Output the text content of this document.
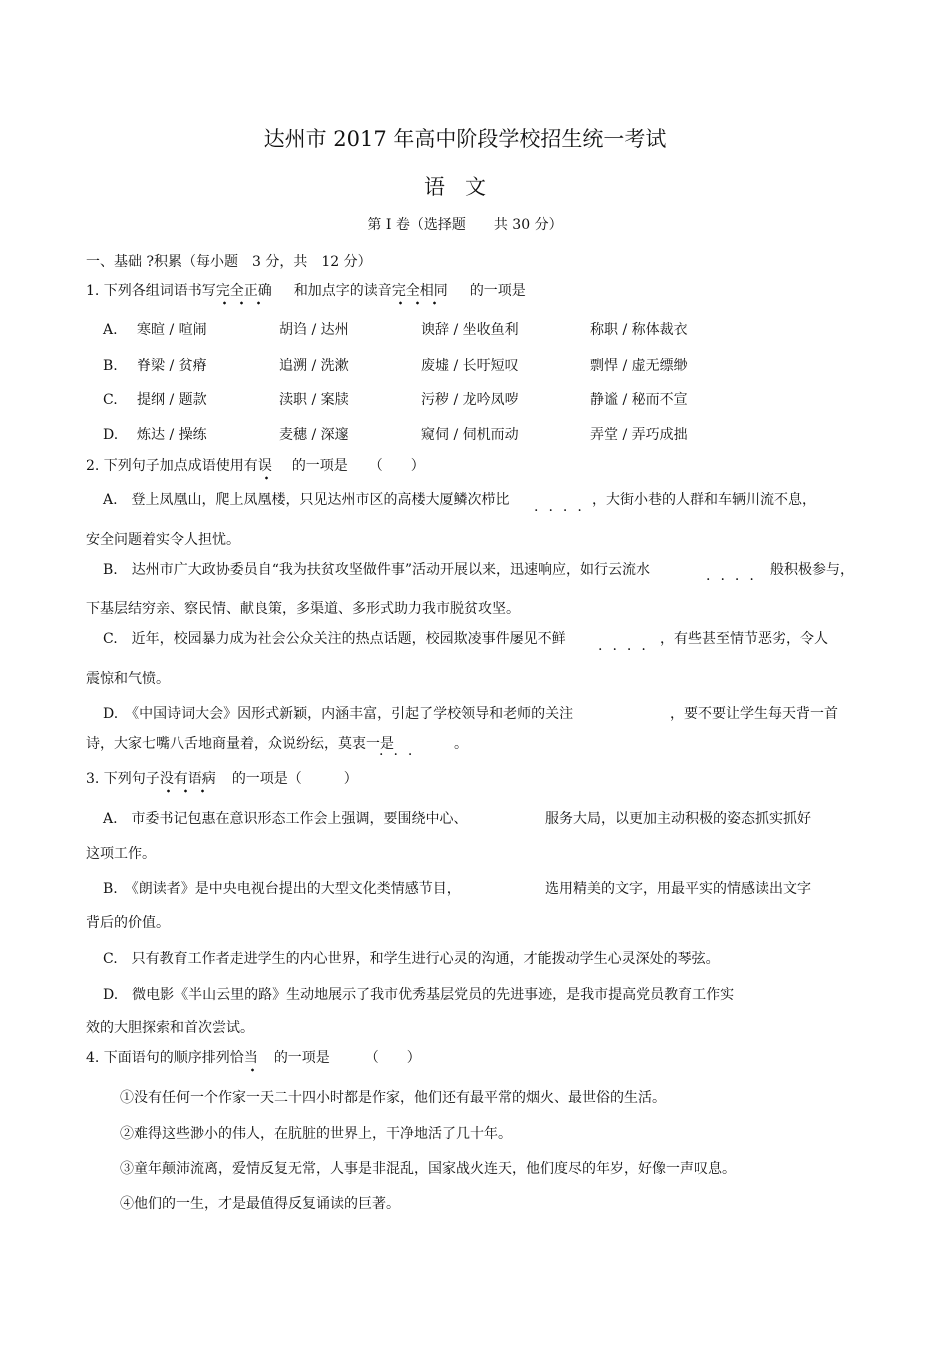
达州市 2017 年高中阶段学校招生统一考试
语文
第 I 卷（选择题　　共 30 分）
一、基础 ?积累（每小题　3 分，共　12 分）
1. 下列各组词语书写完全正确 和加点字的读音完全相同 的一项是
A. 寒暄 / 喧闹	胡诌 / 达州	谀辞 / 坐收鱼利	称职 / 称体裁衣
B. 脊梁 / 贫瘠	追溯 / 洗漱	废墟 / 长吁短叹	剽悍 / 虚无缥缈
C. 提纲 / 题款	渎职 / 案牍	污秽 / 龙吟凤哕	静谧 / 秘而不宣
D. 炼达 / 操练	麦穗 / 深邃	窥伺 / 伺机而动	弄堂 / 弄巧成拙
2. 下列句子加点成语使用有误 的一项是　　（　　）
A.　登上凤凰山，爬上凤凰楼，只见达州市区的高楼大厦鳞次栉比 .... ，大街小巷的人群和车辆川流不息，
安全问题着实令人担忧。
B.　达州市广大政协委员自“我为扶贫攻坚做件事”活动开展以来，迅速响应，如行云流水	.... 般积极参与，
下基层结穷亲、察民情、献良策，多渠道、多形式助力我市脱贫攻坚。
C.　近年，校园暴力成为社会公众关注的热点话题，校园欺凌事件屡见不鲜 .... ，有些甚至情节恶劣，令人
震惊和气愤。
D.　《中国诗词大会》因形式新颖，内涵丰富，引起了学校领导和老师的关注	，要不要让学生每天背一首
诗，大家七嘴八舌地商量着，众说纷纭，莫衷一是
... 。
3. 下列句子没有语病 的一项是（　　　）
A.　市委书记包惠在意识形态工作会上强调，要围绕中心、	服务大局，以更加主动积极的姿态抓实抓好
这项工作。
B.　《朗读者》是中央电视台提出的大型文化类情感节目，	选用精美的文字，用最平实的情感读出文字
背后的价值。
C.　只有教育工作者走进学生的内心世界，和学生进行心灵的沟通，才能拨动学生心灵深处的琴弦。
D.　微电影《半山云里的路》生动地展示了我市优秀基层党员的先进事迹，是我市提高党员教育工作实
效的大胆探索和首次尝试。
4. 下面语句的顺序排列恰当 的一项是　　　（　　）
①没有任何一个作家一天二十四小时都是作家，他们还有最平常的烟火、最世俗的生活。
②难得这些渺小的伟人，在肮脏的世界上，干净地活了几十年。
③童年颠沛流离，爱情反复无常，人事是非混乱，国家战火连天，他们度尽的年岁，好像一声叹息。
④他们的一生，才是最值得反复诵读的巨著。
